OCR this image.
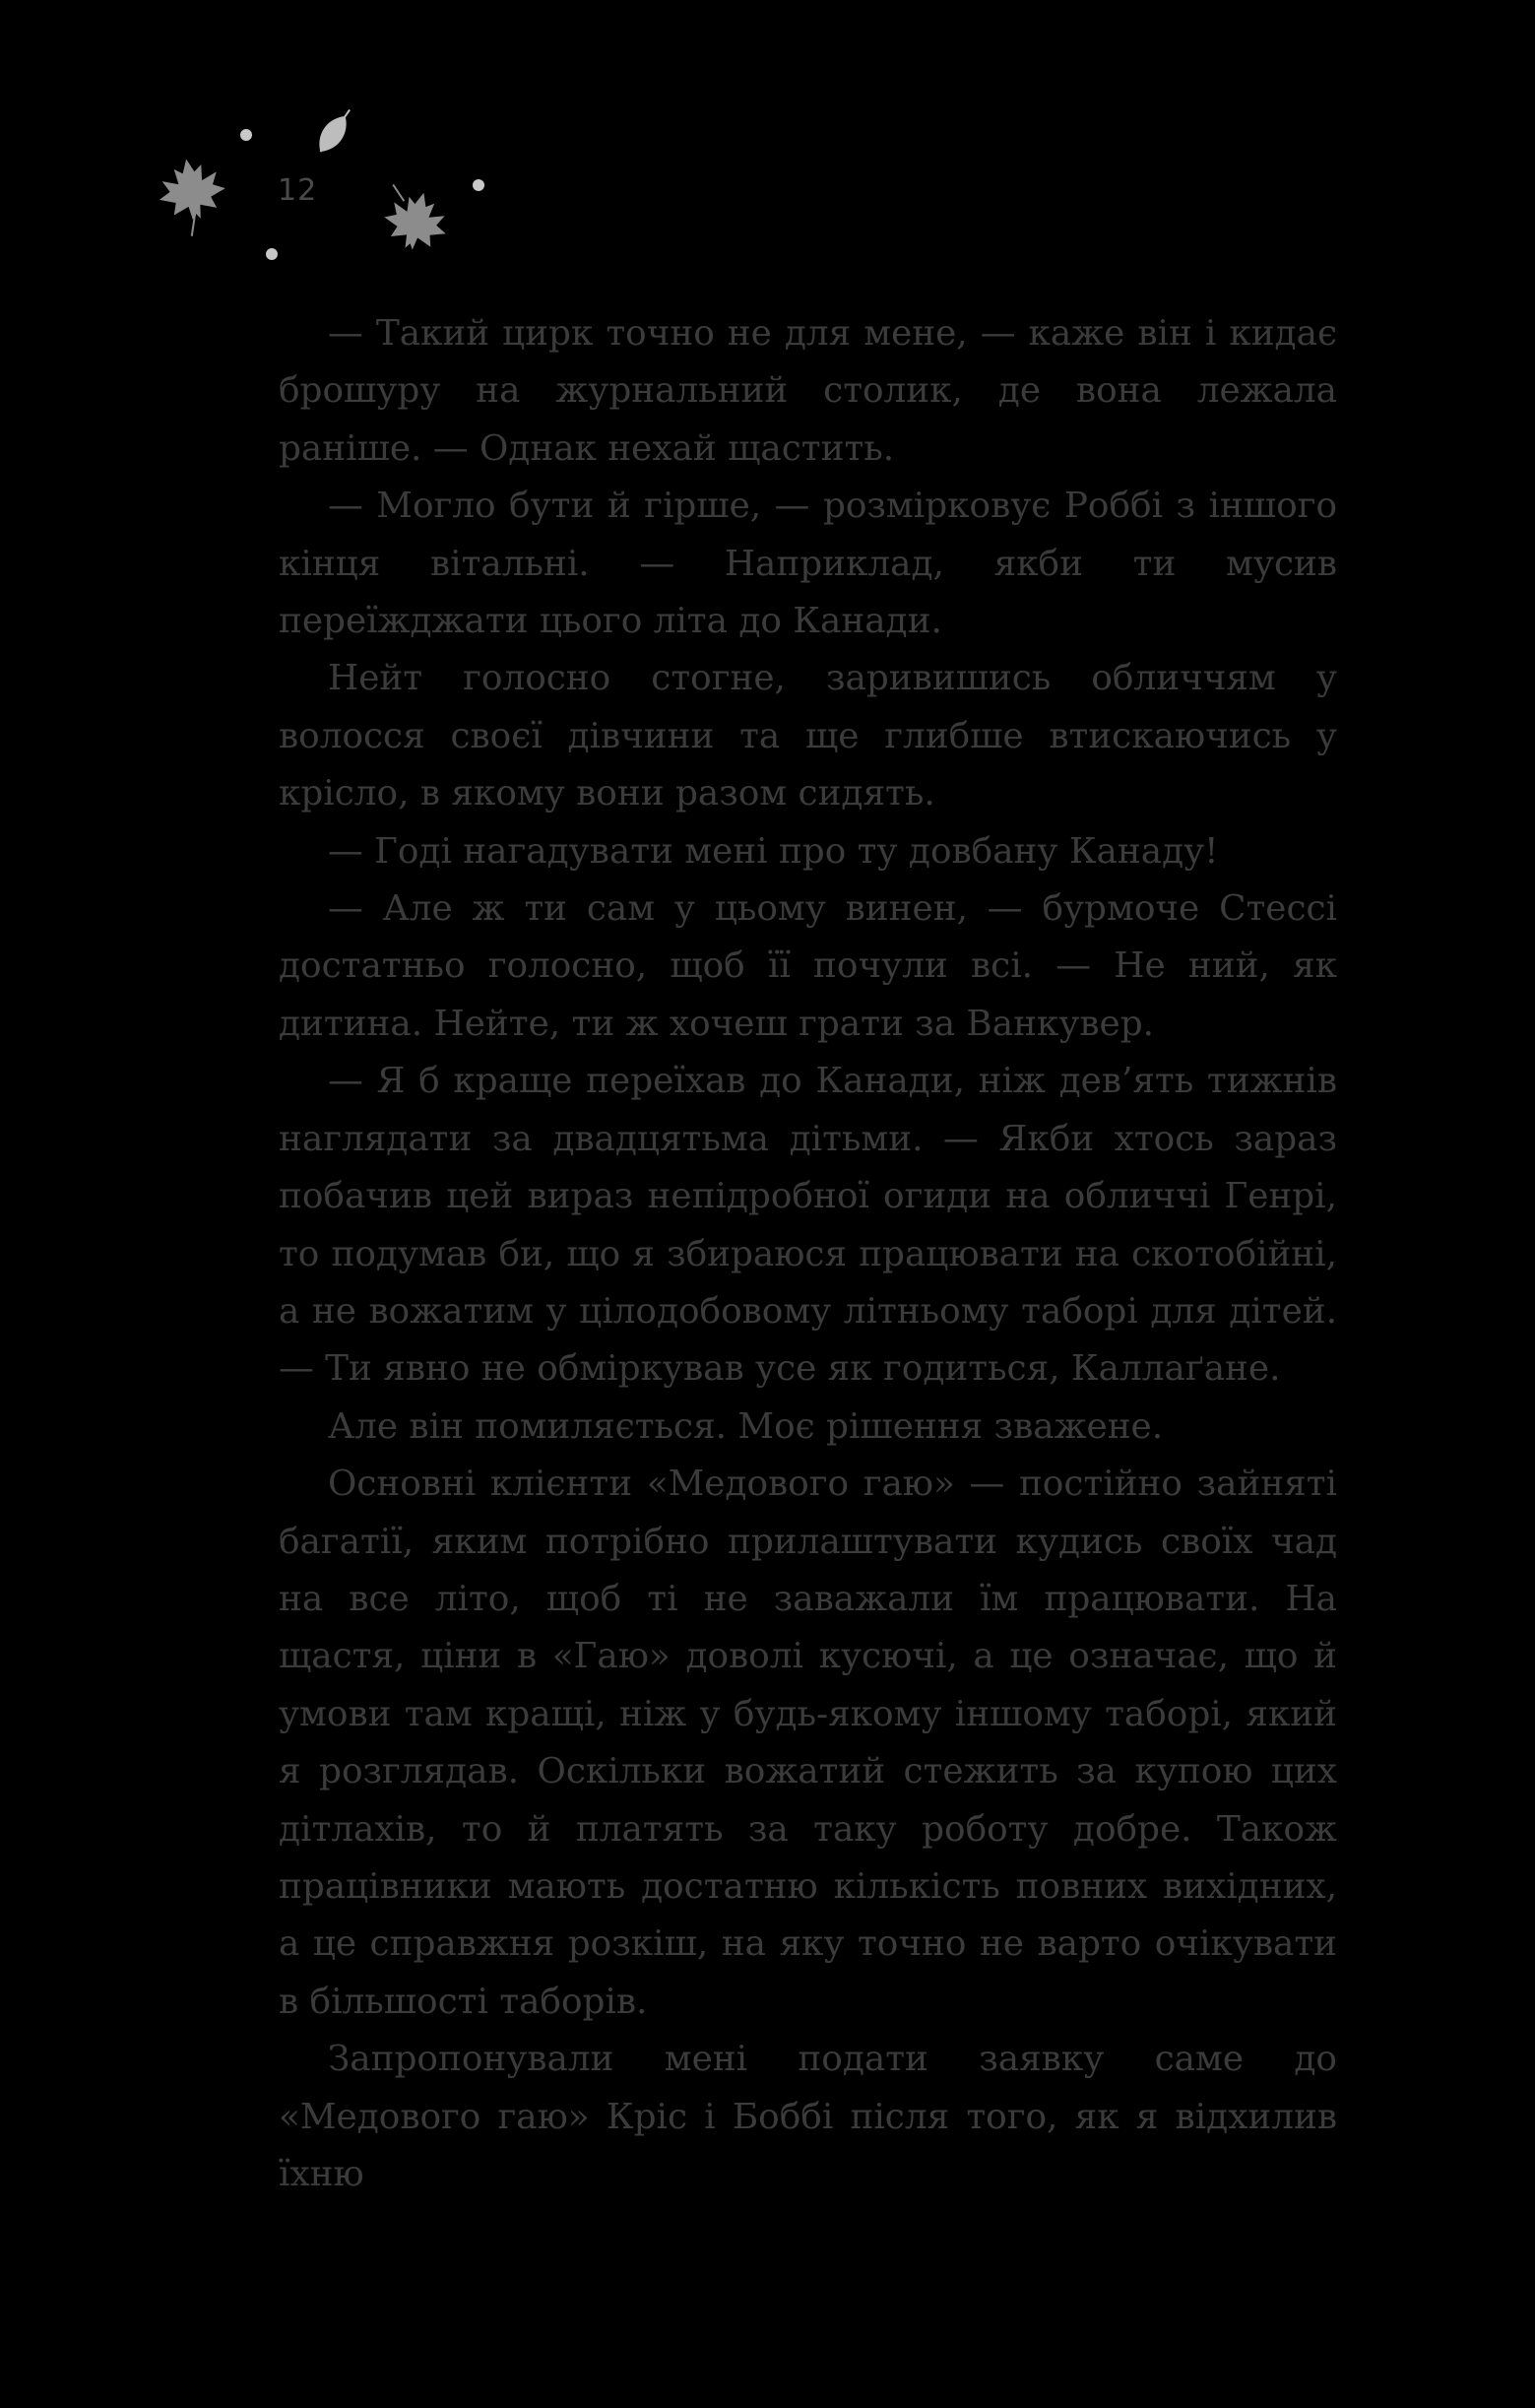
12

— Такий цирк точно не для мене, — каже він і кидає брошуру на журнальний столик, де вона лежала раніше. — Однак нехай щастить.

— Могло бути й гірше, — розмірковує Роббі з іншого кінця вітальні. — Наприклад, якби ти мусив переїжджати цього літа до Канади.

Нейт голосно стогне, заривишись обличчям у волосся своєї дівчини та ще глибше втискаючись у крісло, в якому вони разом сидять.

— Годі нагадувати мені про ту довбану Канаду!

— Але ж ти сам у цьому винен, — бурмоче Стессі достатньо голосно, щоб її почули всі. — Не ний, як дитина. Нейте, ти ж хочеш грати за Ванкувер.

— Я б краще переїхав до Канади, ніж дев’ять тижнів наглядати за двадцятьма дітьми. — Якби хтось зараз побачив цей вираз непідробної огиди на обличчі Генрі, то подумав би, що я збираюся працювати на скотобійні, а не вожатим у цілодобовому літньому таборі для дітей. — Ти явно не обміркував усе як годиться, Каллаґане.

Але він помиляється. Моє рішення зважене.

Основні клієнти «Медового гаю» — постійно зайняті багатії, яким потрібно прилаштувати кудись своїх чад на все літо, щоб ті не заважали їм працювати. На щастя, ціни в «Гаю» доволі кусючі, а це означає, що й умови там кращі, ніж у будь-якому іншому таборі, який я розглядав. Оскільки вожатий стежить за купою цих дітлахів, то й платять за таку роботу добре. Також працівники мають достатню кількість повних вихідних, а це справжня розкіш, на яку точно не варто очікувати в більшості таборів.

Запропонували мені подати заявку саме до «Медового гаю» Кріс і Боббі після того, як я відхилив їхню
